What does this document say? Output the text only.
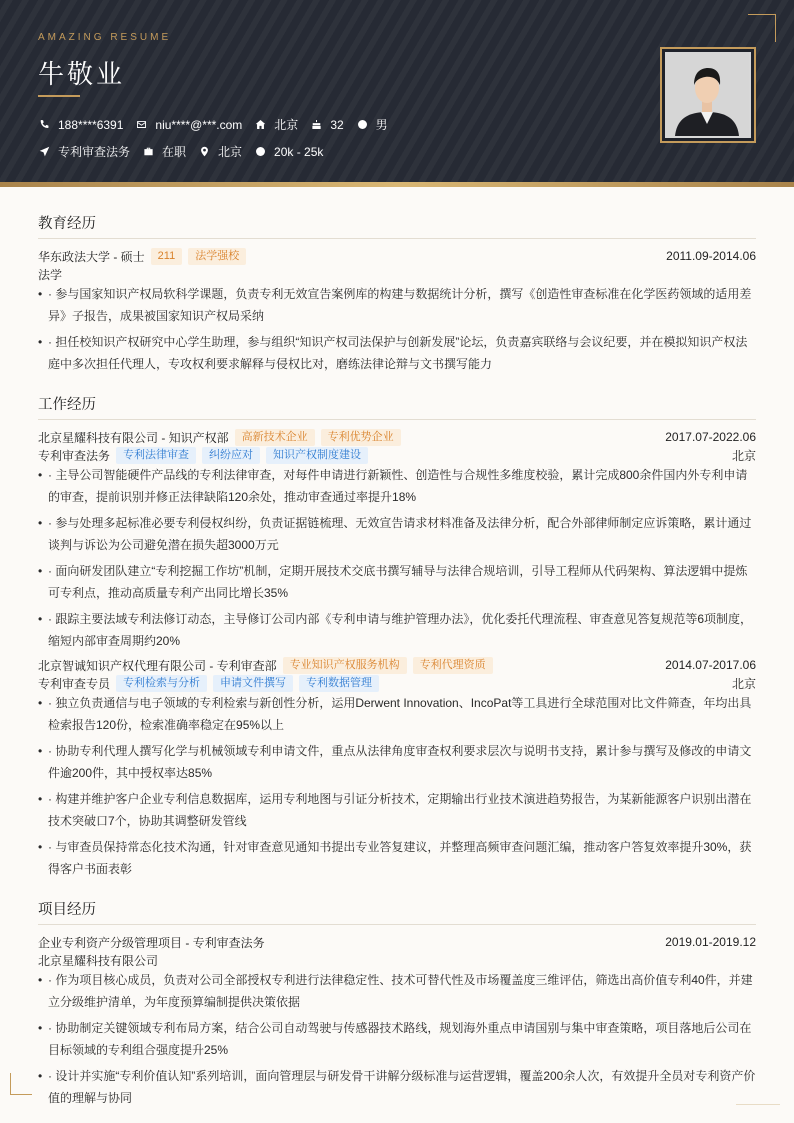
AMAZING RESUME
牛敬业
188****6391	niu****@***.com	北京	32	男
专利审查法务	在职	北京	20k - 25k
教育经历
华东政法大学 - 硕士	211	法学强校	2011.09-2014.06
法学
• · 参与国家知识产权局软科学课题，负责专利无效宣告案例库的构建与数据统计分析，撰写《创造性审查标准在化学医药领域的适用差异》子报告，成果被国家知识产权局采纳
• · 担任校知识产权研究中心学生助理，参与组织“知识产权司法保护与创新发展”论坛，负责嘉宾联络与会议纪要，并在模拟知识产权法庭中多次担任代理人，专攻权利要求解释与侵权比对，磨练法律论辩与文书撰写能力
工作经历
北京星耀科技有限公司 - 知识产权部	高新技术企业	专利优势企业	2017.07-2022.06
专利审查法务	专利法律审查	纠纷应对	知识产权制度建设	北京
• · 主导公司智能硬件产品线的专利法律审查，对每件申请进行新颖性、创造性与合规性多维度校验，累计完成800余件国内外专利申请的审查，提前识别并修正法律缺陷120余处，推动审查通过率提升18%
• · 参与处理多起标准必要专利侵权纠纷，负责证据链梳理、无效宣告请求材料准备及法律分析，配合外部律师制定应诉策略，累计通过谈判与诉讼为公司避免潜在损失超3000万元
• · 面向研发团队建立“专利挖掘工作坊”机制，定期开展技术交底书撰写辅导与法律合规培训，引导工程师从代码架构、算法逻辑中提炼可专利点，推动高质量专利产出同比增长35%
• · 跟踪主要法域专利法修订动态，主导修订公司内部《专利申请与维护管理办法》，优化委托代理流程、审查意见答复规范等6项制度，缩短内部审查周期约20%
北京智诚知识产权代理有限公司 - 专利审查部	专业知识产权服务机构	专利代理资质	2014.07-2017.06
专利审查专员	专利检索与分析	申请文件撰写	专利数据管理	北京
• · 独立负责通信与电子领域的专利检索与新创性分析，运用Derwent Innovation、IncoPat等工具进行全球范围对比文件筛查，年均出具检索报告120份，检索准确率稳定在95%以上
• · 协助专利代理人撰写化学与机械领域专利申请文件，重点从法律角度审查权利要求层次与说明书支持，累计参与撰写及修改的申请文件逾200件，其中授权率达85%
• · 构建并维护客户企业专利信息数据库，运用专利地图与引证分析技术，定期输出行业技术演进趋势报告，为某新能源客户识别出潜在技术突破口7个，协助其调整研发管线
• · 与审查员保持常态化技术沟通，针对审查意见通知书提出专业答复建议，并整理高频审查问题汇编，推动客户答复效率提升30%，获得客户书面表彰
项目经历
企业专利资产分级管理项目 - 专利审查法务	2019.01-2019.12
北京星耀科技有限公司
• · 作为项目核心成员，负责对公司全部授权专利进行法律稳定性、技术可替代性及市场覆盖度三维评估，筛选出高价值专利40件，并建立分级维护清单，为年度预算编制提供决策依据
• · 协助制定关键领域专利布局方案，结合公司自动驾驶与传感器技术路线，规划海外重点申请国别与集中审查策略，项目落地后公司在目标领域的专利组合强度提升25%
• · 设计并实施“专利价值认知”系列培训，面向管理层与研发骨干讲解分级标准与运营逻辑，覆盖200余人次，有效提升全员对专利资产价值的理解与协同
